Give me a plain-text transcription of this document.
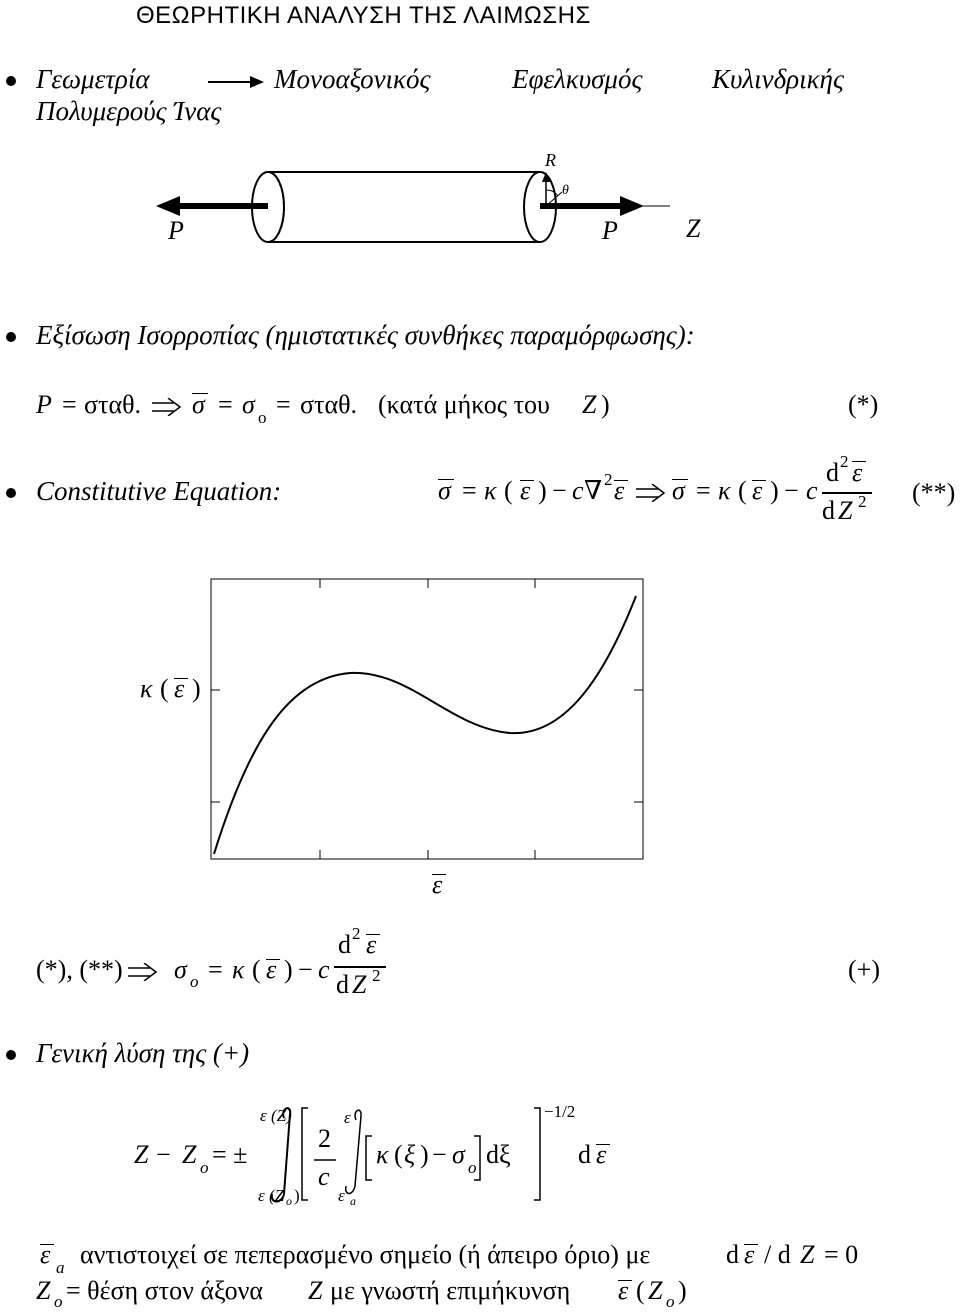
ΘΕΩΡΗΤΙΚΗ ΑΝΑΛΥΣΗ ΤΗΣ ΛΑΙΜΩΣΗΣ
Γεωμετρία	Μονοαξονικός	Εφελκυσμός	Κυλινδρικής
Πολυμερούς Ίνας
R
θ
P	P	Z
Εξίσωση Ισορροπίας (ημιστατικές συνθήκες παραμόρφωσης):
P = σταθ. σ = σ o = σταθ. (κατά μήκος του Z )	(*)
Constitutive Equation:	σ = κ ( ε ) − c ∇ 2 ε σ = κ ( ε ) − c
d 2 ε
d Z 2 (**)
κ ( ε )
ε
(*), (**) σ o = κ ( ε ) − c
d 2 ε
d Z 2	(+)
Γενική λύση της (+)
Z − Z o = ±
ε (Z)
ε (Z o )
2
c
ε
ε a
κ ( ξ ) − σ o dξ
−1/2
d ε
ε a αντιστοιχεί σε πεπερασμένο σημείο (ή άπειρο όριο) με	d ε / d Z = 0
Z o = θέση στον άξονα Z με γνωστή επιμήκυνση ε ( Z o )
